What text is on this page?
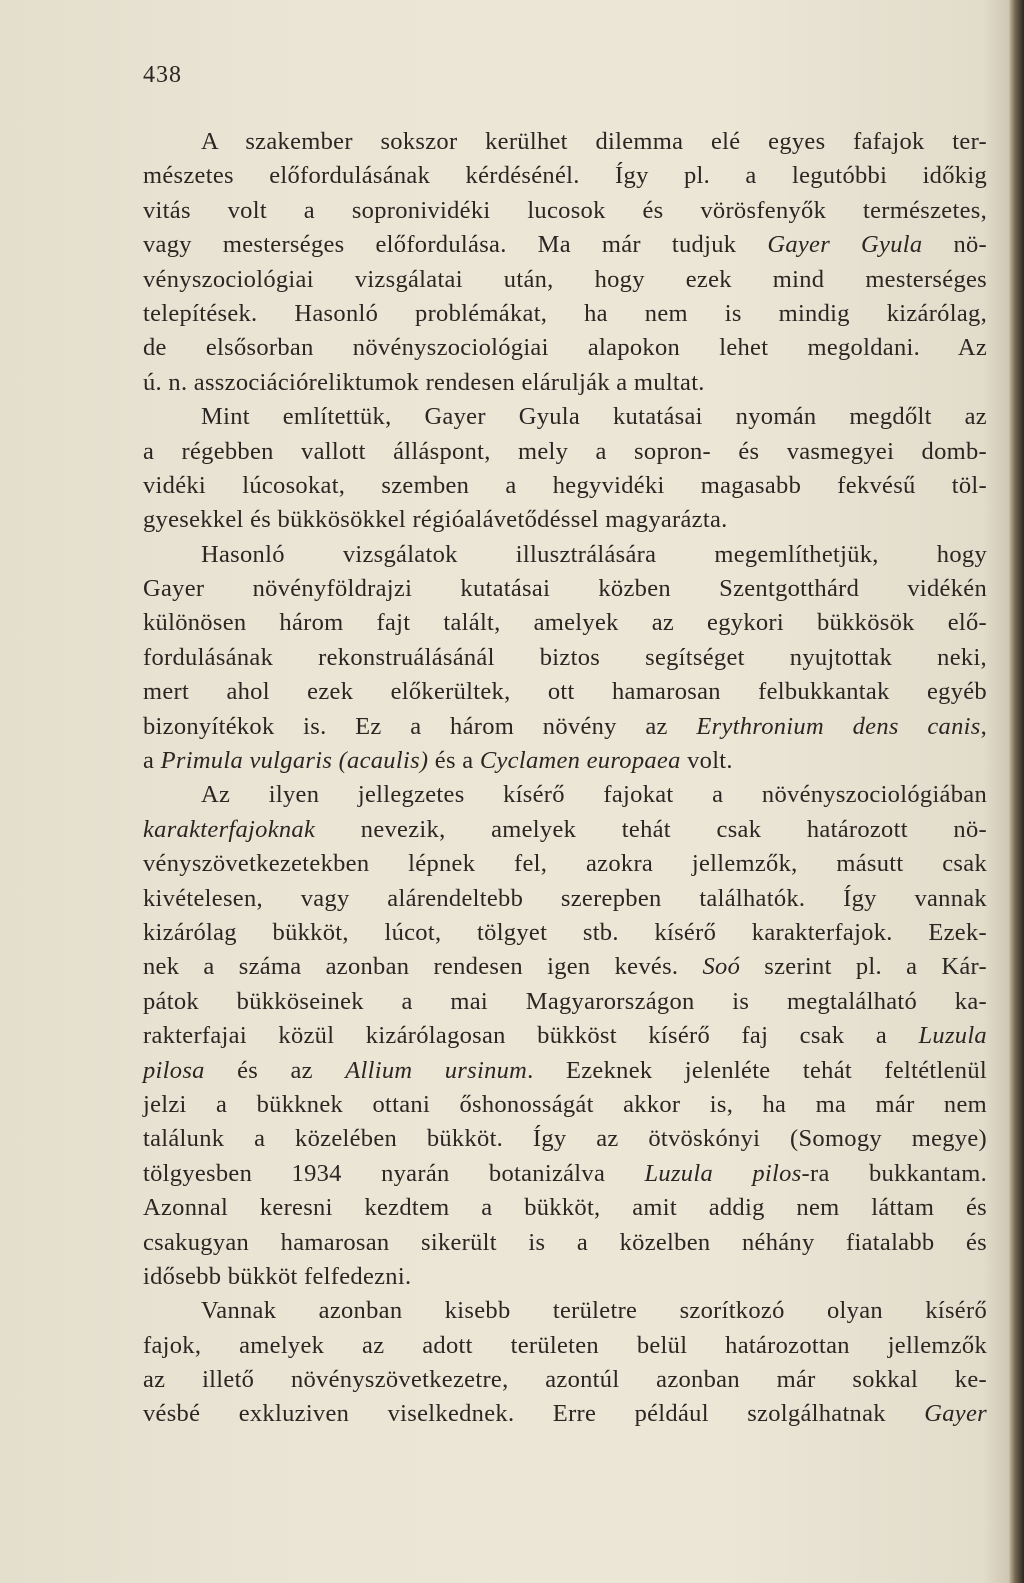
438
A szakember sokszor kerülhet dilemma elé egyes fafajok ter-
mészetes előfordulásának kérdésénél. Így pl. a legutóbbi időkig
vitás volt a sopronividéki lucosok és vörösfenyők természetes,
vagy mesterséges előfordulása. Ma már tudjuk Gayer Gyula nö-
vényszociológiai vizsgálatai után, hogy ezek mind mesterséges
telepítések. Hasonló problémákat, ha nem is mindig kizárólag,
de elsősorban növényszociológiai alapokon lehet megoldani. Az
ú. n. asszociációreliktumok rendesen elárulják a multat.
Mint említettük, Gayer Gyula kutatásai nyomán megdőlt az
a régebben vallott álláspont, mely a sopron- és vasmegyei domb-
vidéki lúcosokat, szemben a hegyvidéki magasabb fekvésű töl-
gyesekkel és bükkösökkel régióalávetődéssel magyarázta.
Hasonló vizsgálatok illusztrálására megemlíthetjük, hogy
Gayer növényföldrajzi kutatásai közben Szentgotthárd vidékén
különösen három fajt talált, amelyek az egykori bükkösök elő-
fordulásának rekonstruálásánál biztos segítséget nyujtottak neki,
mert ahol ezek előkerültek, ott hamarosan felbukkantak egyéb
bizonyítékok is. Ez a három növény az Erythronium dens canis,
a Primula vulgaris (acaulis) és a Cyclamen europaea volt.
Az ilyen jellegzetes kísérő fajokat a növényszociológiában
karakterfajoknak nevezik, amelyek tehát csak határozott nö-
vényszövetkezetekben lépnek fel, azokra jellemzők, másutt csak
kivételesen, vagy alárendeltebb szerepben találhatók. Így vannak
kizárólag bükköt, lúcot, tölgyet stb. kísérő karakterfajok. Ezek-
nek a száma azonban rendesen igen kevés. Soó szerint pl. a Kár-
pátok bükköseinek a mai Magyarországon is megtalálható ka-
rakterfajai közül kizárólagosan bükköst kísérő faj csak a Luzula
pilosa és az Allium ursinum. Ezeknek jelenléte tehát feltétlenül
jelzi a bükknek ottani őshonosságát akkor is, ha ma már nem
találunk a közelében bükköt. Így az ötvöskónyi (Somogy megye)
tölgyesben 1934 nyarán botanizálva Luzula pilos-ra bukkantam.
Azonnal keresni kezdtem a bükköt, amit addig nem láttam és
csakugyan hamarosan sikerült is a közelben néhány fiatalabb és
idősebb bükköt felfedezni.
Vannak azonban kisebb területre szorítkozó olyan kísérő
fajok, amelyek az adott területen belül határozottan jellemzők
az illető növényszövetkezetre, azontúl azonban már sokkal ke-
vésbé exkluziven viselkednek. Erre például szolgálhatnak Gayer
